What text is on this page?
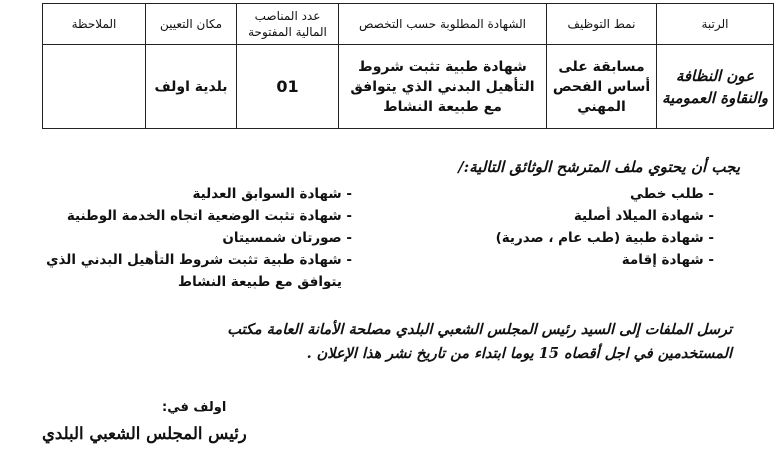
الرتبة	نمط التوظيف	الشهادة المطلوبة حسب التخصص	عدد المناصب المالية المفتوحة	مكان التعيين	الملاحظة
عون النظافة والنقاوة العمومية	مسابقة على أساس الفحص المهني	شهادة طبية تثبت شروط التأهيل البدني الذي يتوافق مع طبيعة النشاط	01	بلدية اولف	
يجب أن يحتوي ملف المترشح الوثائق التالية:/
- طلب خطي
- شهادة الميلاد أصلية
- شهادة طبية (طب عام ، صدرية)
- شهادة إقامة
- شهادة السوابق العدلية
- شهادة تثبت الوضعية اتجاه الخدمة الوطنية
- صورتان شمسيتان
- شهادة طبية تثبت شروط التأهيل البدني الذي
يتوافق مع طبيعة النشاط
ترسل الملفات إلى السيد رئيس المجلس الشعبي البلدي مصلحة الأمانة العامة مكتب
المستخدمين في اجل أقصاه 15 يوما ابتداء من تاريخ نشر هذا الإعلان .
اولف في:
رئيس المجلس الشعبي البلدي
